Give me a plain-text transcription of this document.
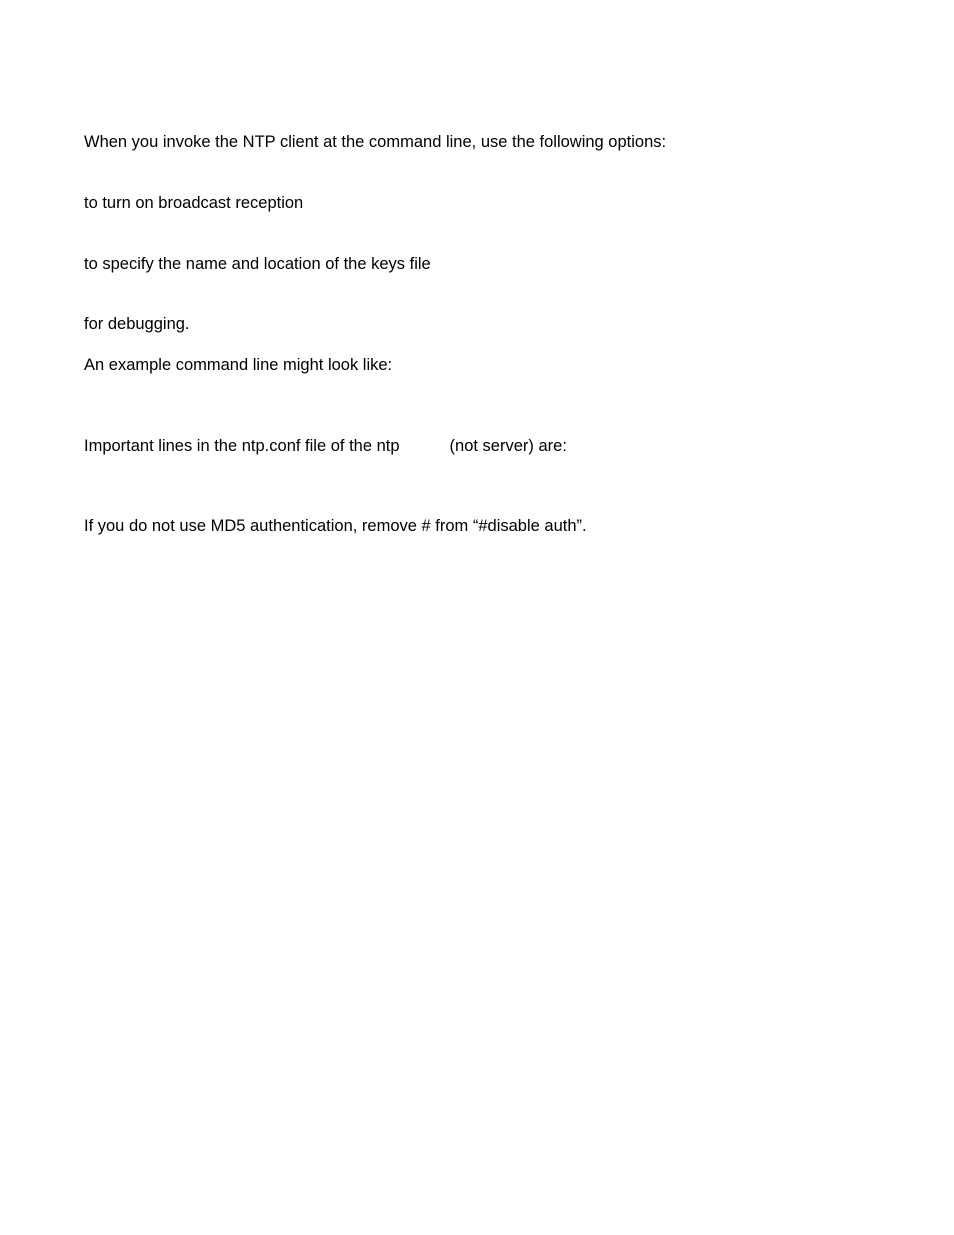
When you invoke the NTP client at the command line, use the following options:
to turn on broadcast reception
to specify the name and location of the keys file
for debugging.
An example command line might look like:
Important lines in the ntp.conf file of the ntp	(not server) are:
If you do not use MD5 authentication, remove # from “#disable auth”.
